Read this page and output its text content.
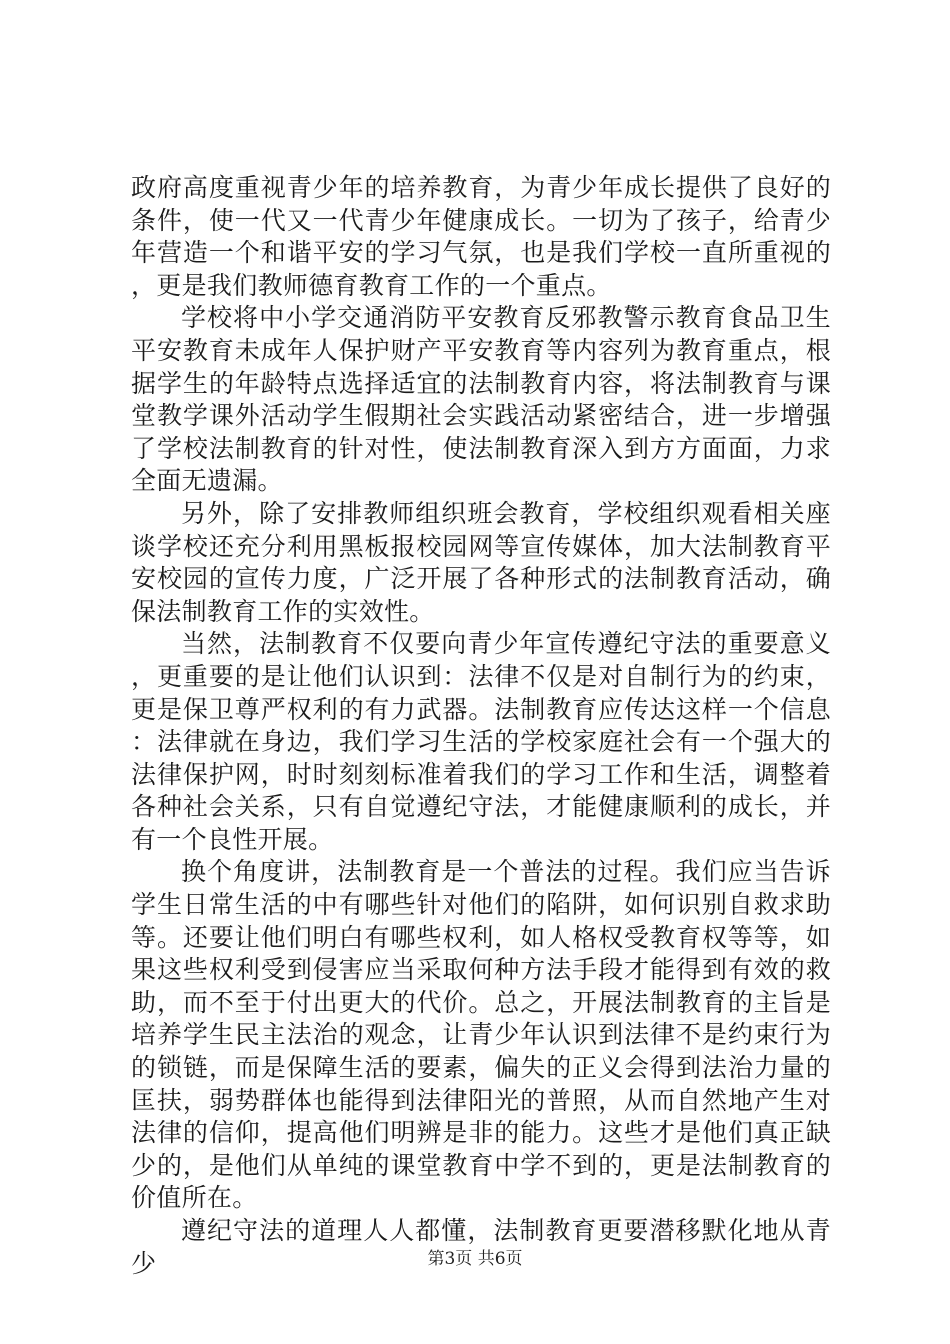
政府高度重视青少年的培养教育，为青少年成长提供了良好的条件，使一代又一代青少年健康成长。一切为了孩子，给青少年营造一个和谐平安的学习气氛，也是我们学校一直所重视的，更是我们教师德育教育工作的一个重点。

学校将中小学交通消防平安教育反邪教警示教育食品卫生平安教育未成年人保护财产平安教育等内容列为教育重点，根据学生的年龄特点选择适宜的法制教育内容，将法制教育与课堂教学课外活动学生假期社会实践活动紧密结合，进一步增强了学校法制教育的针对性，使法制教育深入到方方面面，力求全面无遗漏。

另外，除了安排教师组织班会教育，学校组织观看相关座谈学校还充分利用黑板报校园网等宣传媒体，加大法制教育平安校园的宣传力度，广泛开展了各种形式的法制教育活动，确保法制教育工作的实效性。

当然，法制教育不仅要向青少年宣传遵纪守法的重要意义，更重要的是让他们认识到：法律不仅是对自制行为的约束，更是保卫尊严权利的有力武器。法制教育应传达这样一个信息：法律就在身边，我们学习生活的学校家庭社会有一个强大的法律保护网，时时刻刻标准着我们的学习工作和生活，调整着各种社会关系，只有自觉遵纪守法，才能健康顺利的成长，并有一个良性开展。

换个角度讲，法制教育是一个普法的过程。我们应当告诉学生日常生活的中有哪些针对他们的陷阱，如何识别自救求助等。还要让他们明白有哪些权利，如人格权受教育权等等，如果这些权利受到侵害应当采取何种方法手段才能得到有效的救助，而不至于付出更大的代价。总之，开展法制教育的主旨是培养学生民主法治的观念，让青少年认识到法律不是约束行为的锁链，而是保障生活的要素，偏失的正义会得到法治力量的匡扶，弱势群体也能得到法律阳光的普照，从而自然地产生对法律的信仰，提高他们明辨是非的能力。这些才是他们真正缺少的，是他们从单纯的课堂教育中学不到的，更是法制教育的价值所在。

遵纪守法的道理人人都懂，法制教育更要潜移默化地从青少	第3页 共6页
